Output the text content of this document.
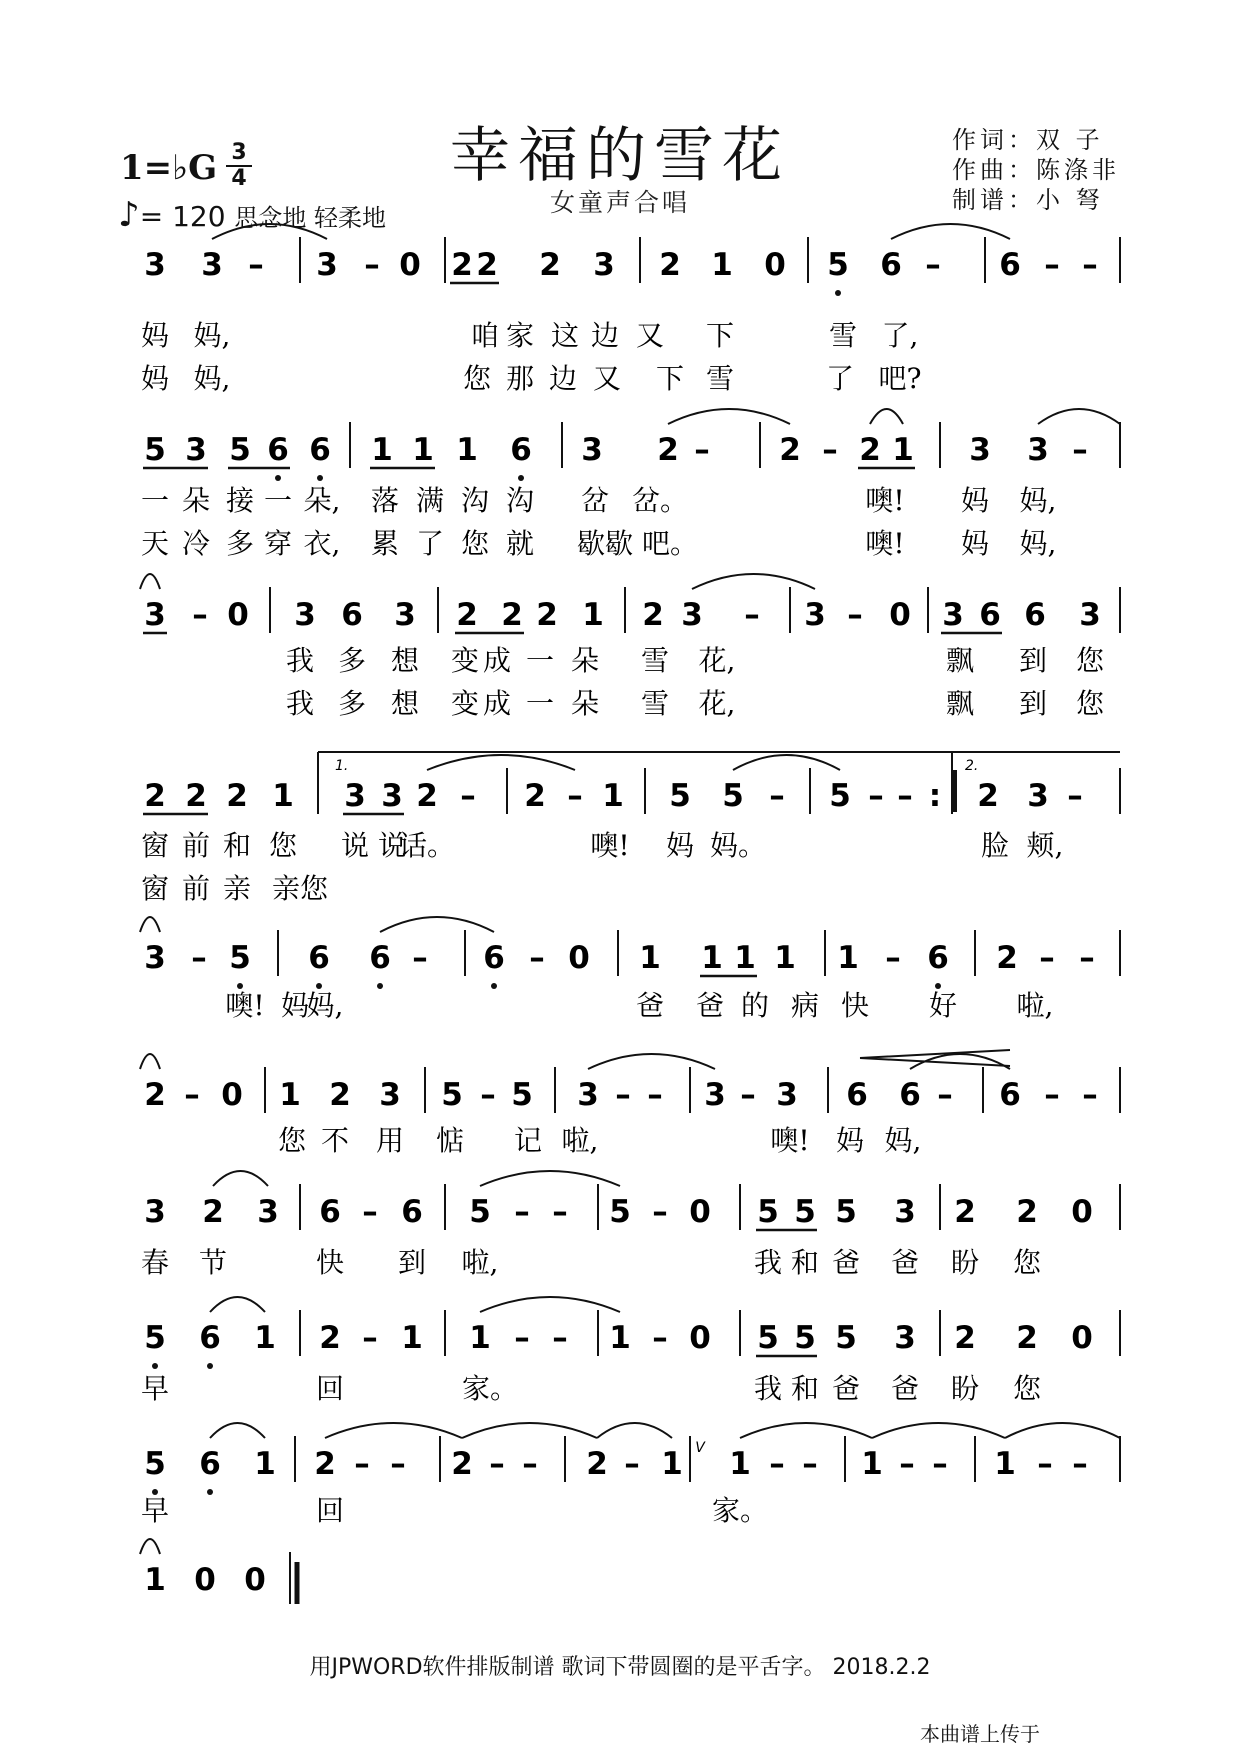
幸福的雪花
女童声合唱
作词：双 子
作曲：陈涤非
制谱：小 弩
1=♭G 3
4
♪= 120 思念地 轻柔地
3 3 – 3 – 0 2 2 2 3 2 1 0 5 6 – 6 – –
妈 妈,	咱 家 这 边 又 下	雪 了,
妈 妈,	您 那 边 又 下 雪	了 吧?
5 3 5 6 6 1 1 1 6 3 2 – 2 – 2 1 3 3 –
一 朵 接 一 朵, 落 满 沟 沟 岔 岔。	噢! 妈 妈,
天 冷 多 穿 衣, 累 了 您 就 歇歇 吧。	噢! 妈 妈,
3 – 0 3 6 3 2 2 2 1 2 3 – 3 – 0 3 6 6 3
我 多 想 变 成 一 朵 雪 花,	飘 到 您
我 多 想 变 成 一 朵 雪 花,	飘 到 您
2 2 2 1 3 3 2 – 2 – 1 5 5 – 5 – – : 2 3 –
窗 前 和 您 说 说
话。	噢! 妈 妈。	脸 颊,
窗 前 亲 亲您
3 – 5 6 6 – 6 – 0 1 1 1 1 1 – 6 2 – –
噢! 妈
妈,	爸 爸 的 病 快 好 啦,
2 – 0 1 2 3 5 – 5 3 – – 3 – 3 6 6 – 6 – –
您 不 用 惦 记 啦,	噢! 妈 妈,
3 2 3 6 – 6 5 – – 5 – 0 5 5 5 3 2 2 0
春 节	快 到 啦,	我 和 爸 爸 盼 您
5 6 1 2 – 1 1 – – 1 – 0 5 5 5 3 2 2 0
早	回	家。	我 和 爸 爸 盼 您
5 6 1 2 – – 2 – – 2 – 1 1 – – 1 – – 1 – –
早	回	家。
1 0 0
1.	2.
V
用JPWORD软件排版制谱 歌词下带圆圈的是平舌字。 2018.2.2
本曲谱上传于
